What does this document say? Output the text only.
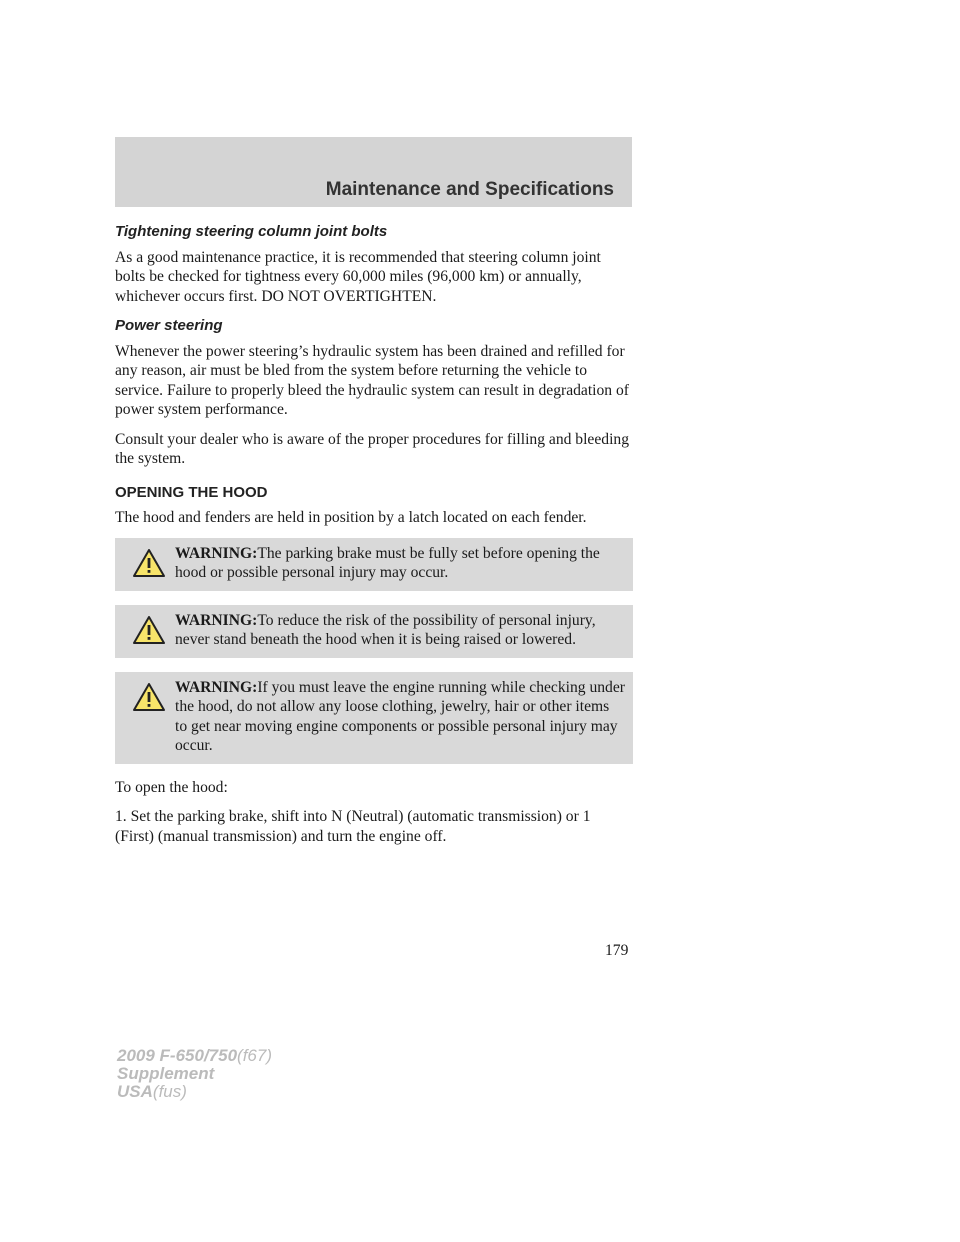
Maintenance and Specifications
Tightening steering column joint bolts

As a good maintenance practice, it is recommended that steering column joint bolts be checked for tightness every 60,000 miles (96,000 km) or annually, whichever occurs first. DO NOT OVERTIGHTEN.

Power steering

Whenever the power steering’s hydraulic system has been drained and refilled for any reason, air must be bled from the system before returning the vehicle to service. Failure to properly bleed the hydraulic system can result in degradation of power system performance.

Consult your dealer who is aware of the proper procedures for filling and bleeding the system.

OPENING THE HOOD

The hood and fenders are held in position by a latch located on each fender.

WARNING:The parking brake must be fully set before opening the hood or possible personal injury may occur.
WARNING:To reduce the risk of the possibility of personal injury, never stand beneath the hood when it is being raised or lowered.
WARNING:If you must leave the engine running while checking under the hood, do not allow any loose clothing, jewelry, hair or other items to get near moving engine components or possible personal injury may occur.

To open the hood:

1. Set the parking brake, shift into N (Neutral) (automatic transmission) or 1 (First) (manual transmission) and turn the engine off.

179
2009 F-650/750(f67)
Supplement
USA(fus)
